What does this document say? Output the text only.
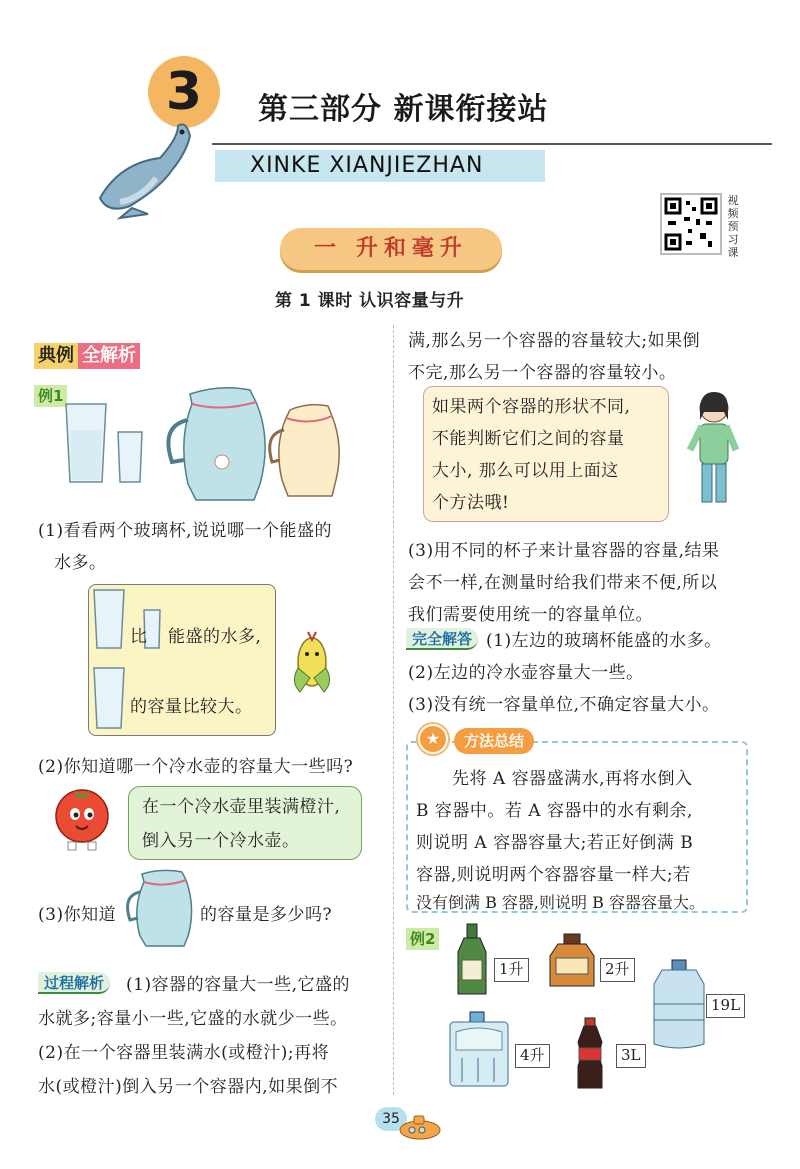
3	第三部分 新课衔接站
XINKE XIANJIEZHAN
视频预习课
一 升和毫升
第 1 课时 认识容量与升
典例 全解析
例1
(1)看看两个玻璃杯,说说哪一个能盛的
水多。
比 能盛的水多,
的容量比较大。
(2)你知道哪一个冷水壶的容量大一些吗?
在一个冷水壶里装满橙汁,
倒入另一个冷水壶。
(3)你知道	的容量是多少吗?
过程解析	(1)容器的容量大一些,它盛的
水就多;容量小一些,它盛的水就少一些。
(2)在一个容器里装满水(或橙汁);再将
水(或橙汁)倒入另一个容器内,如果倒不
满,那么另一个容器的容量较大;如果倒
不完,那么另一个容器的容量较小。
如果两个容器的形状不同,
不能判断它们之间的容量
大小, 那么可以用上面这
个方法哦!
(3)用不同的杯子来计量容器的容量,结果
会不一样,在测量时给我们带来不便,所以
我们需要使用统一的容量单位。
完全解答 (1)左边的玻璃杯能盛的水多。
(2)左边的冷水壶容量大一些。
(3)没有统一容量单位,不确定容量大小。
★	方法总结
先将 A 容器盛满水,再将水倒入
B 容器中。若 A 容器中的水有剩余,
则说明 A 容器容量大;若正好倒满 B
容器,则说明两个容器容量一样大;若
没有倒满 B 容器,则说明 B 容器容量大。
例2
1升	2升
19L
4升	3L
35
